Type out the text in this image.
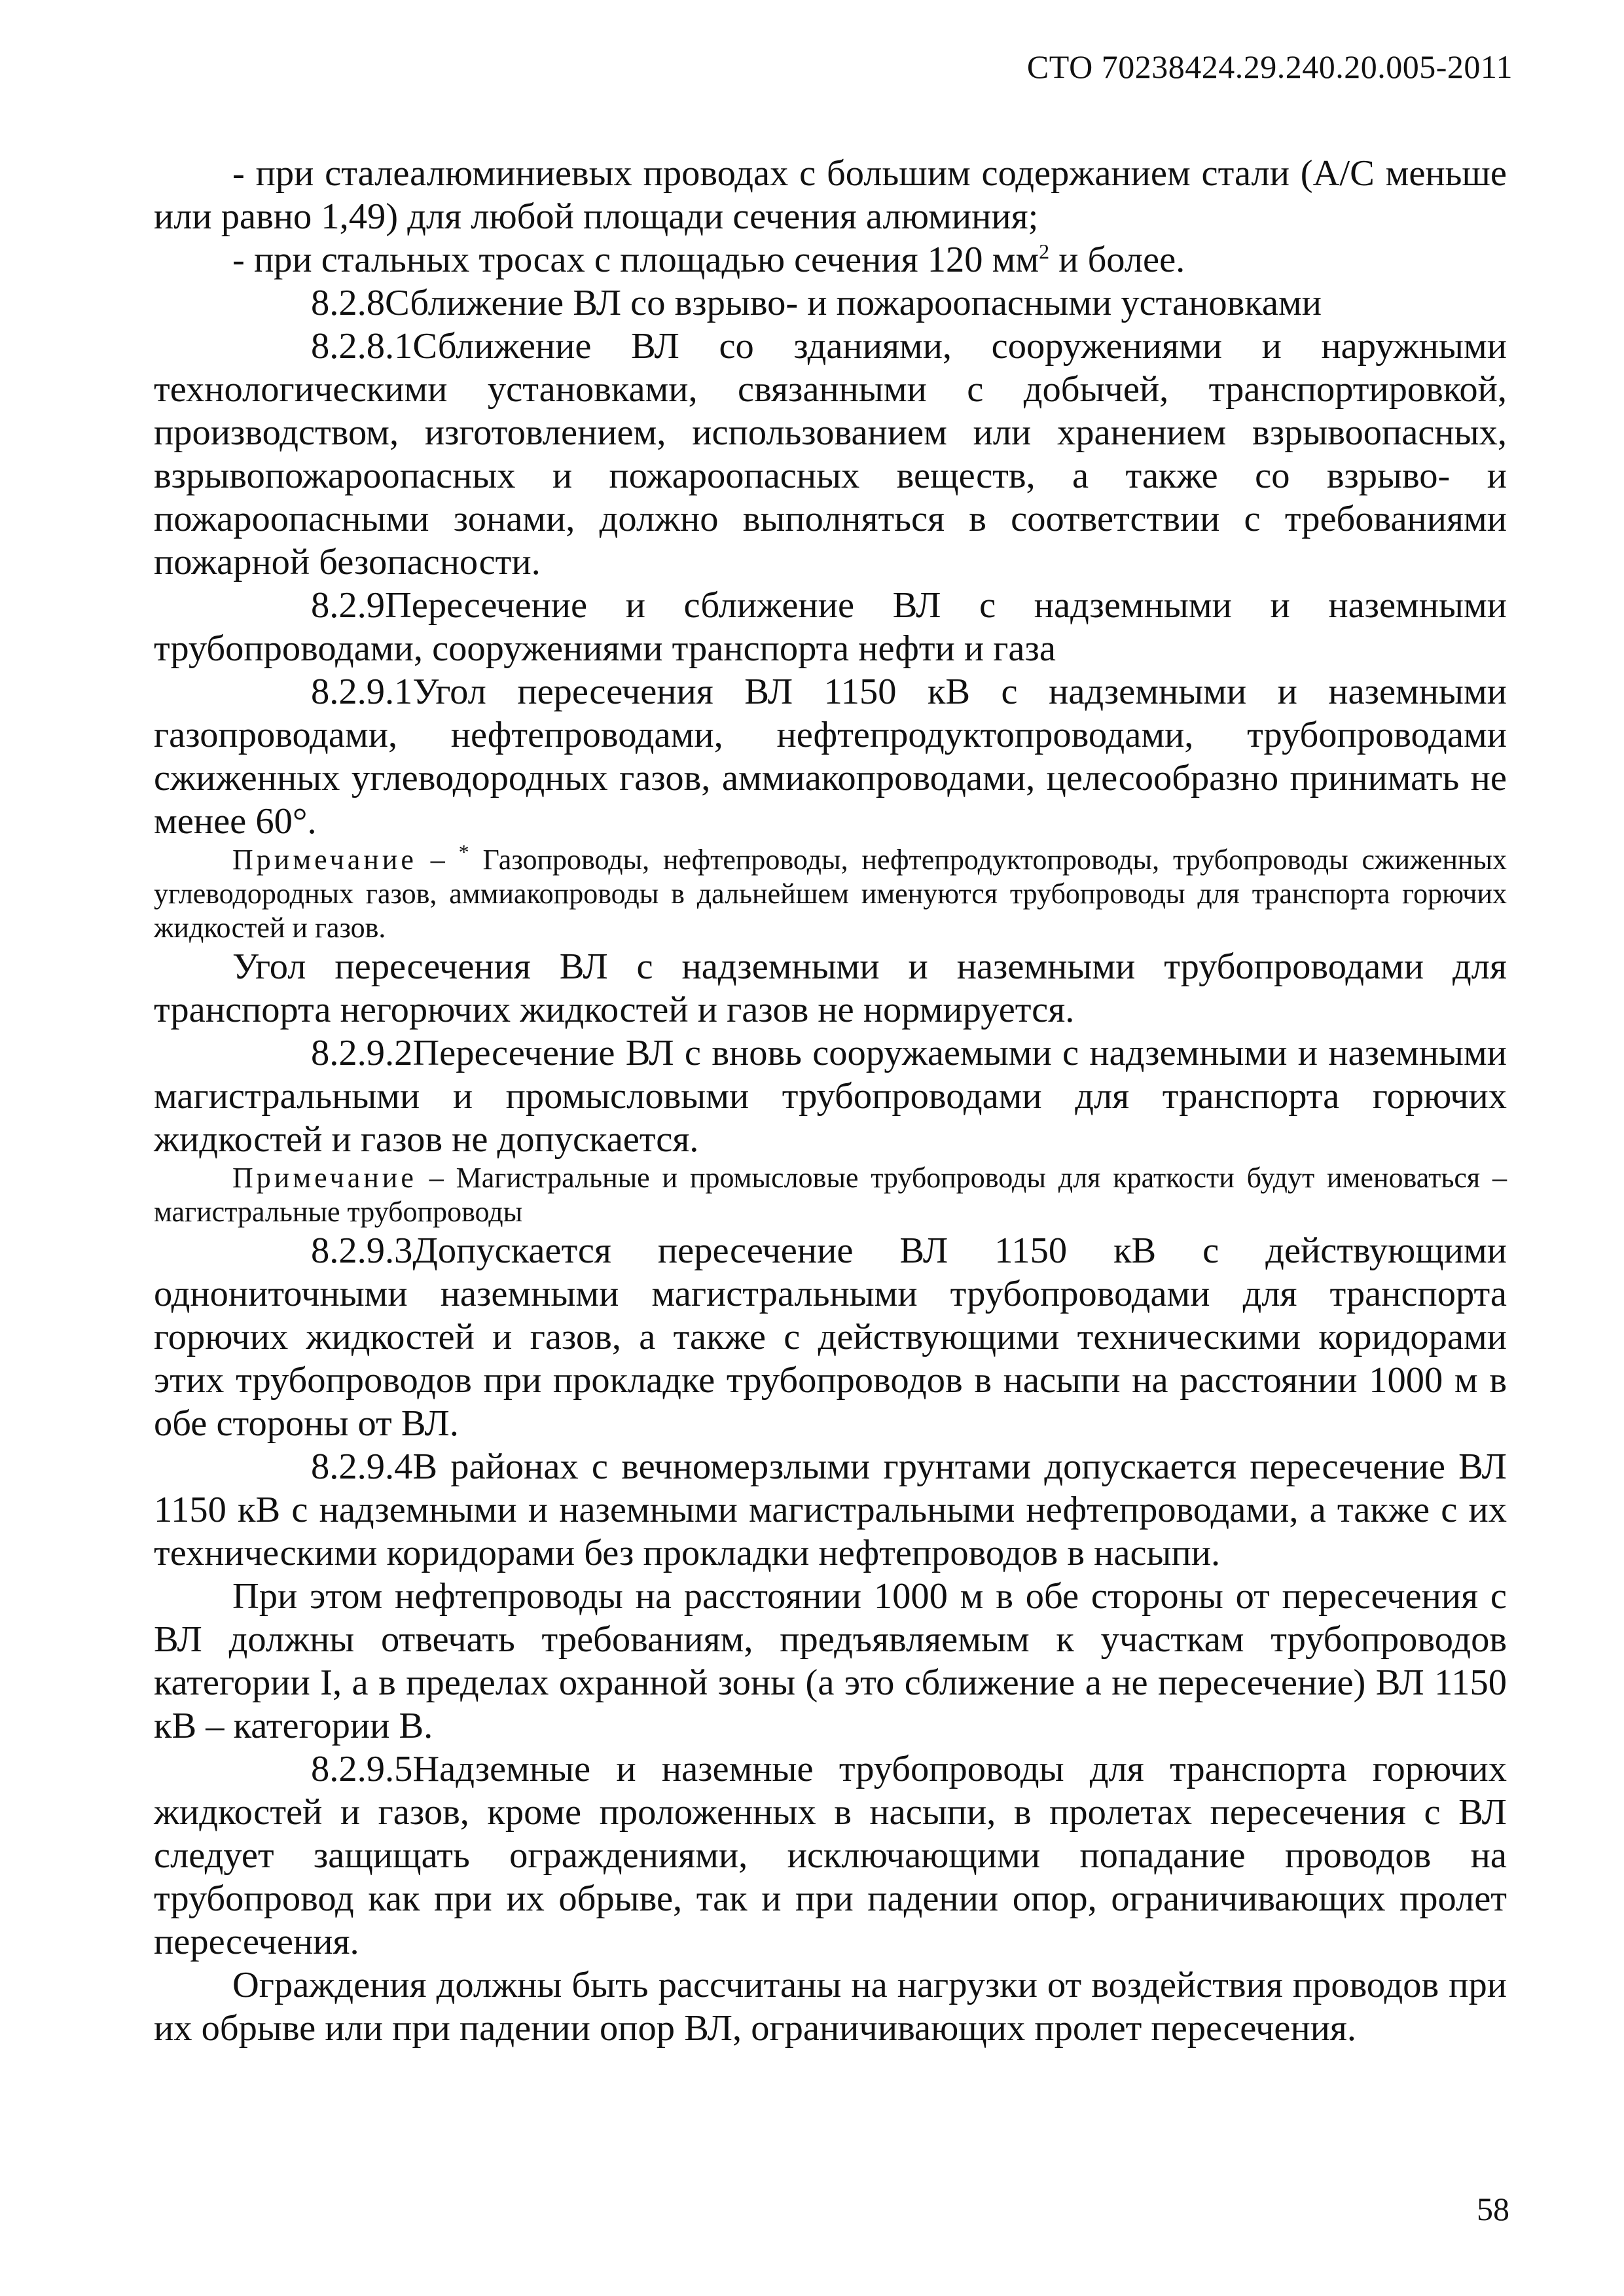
СТО 70238424.29.240.20.005-2011

- при сталеалюминиевых проводах с большим содержанием стали (А/С меньше или равно 1,49) для любой площади сечения алюминия;

- при стальных тросах с площадью сечения 120 $мм^2$ и более.

8.2.8Сближение ВЛ со взрыво- и пожароопасными установками

8.2.8.1Сближение ВЛ со зданиями, сооружениями и наружными технологическими установками, связанными с добычей, транспортировкой, производством, изготовлением, использованием или хранением взрывоопасных, взрывопожароопасных и пожароопасных веществ, а также со взрыво- и пожароопасными зонами, должно выполняться в соответствии с требованиями пожарной безопасности.

8.2.9Пересечение и сближение ВЛ с надземными и наземными трубопроводами, сооружениями транспорта нефти и газа

8.2.9.1Угол пересечения ВЛ 1150 кВ с надземными и наземными газопроводами, нефтепроводами, нефтепродуктопроводами, трубопроводами сжиженных углеводородных газов, аммиакопроводами, целесообразно принимать не менее 60°.

Примечание – * Газопроводы, нефтепроводы, нефтепродуктопроводы, трубопроводы сжиженных углеводородных газов, аммиакопроводы в дальнейшем именуются трубопроводы для транспорта горючих жидкостей и газов.

Угол пересечения ВЛ с надземными и наземными трубопроводами для транспорта негорючих жидкостей и газов не нормируется.

8.2.9.2Пересечение ВЛ с вновь сооружаемыми с надземными и наземными магистральными и промысловыми трубопроводами для транспорта горючих жидкостей и газов не допускается.

Примечание – Магистральные и промысловые трубопроводы для краткости будут именоваться – магистральные трубопроводы

8.2.9.3Допускается пересечение ВЛ 1150 кВ с действующими однониточными наземными магистральными трубопроводами для транспорта горючих жидкостей и газов, а также с действующими техническими коридорами этих трубопроводов при прокладке трубопроводов в насыпи на расстоянии 1000 м в обе стороны от ВЛ.

8.2.9.4В районах с вечномерзлыми грунтами допускается пересечение ВЛ 1150 кВ с надземными и наземными магистральными нефтепроводами, а также с их техническими коридорами без прокладки нефтепроводов в насыпи.

При этом нефтепроводы на расстоянии 1000 м в обе стороны от пересечения с ВЛ должны отвечать требованиям, предъявляемым к участкам трубопроводов категории I, а в пределах охранной зоны (а это сближение а не пересечение) ВЛ 1150 кВ – категории В.

8.2.9.5Надземные и наземные трубопроводы для транспорта горючих жидкостей и газов, кроме проложенных в насыпи, в пролетах пересечения с ВЛ следует защищать ограждениями, исключающими попадание проводов на трубопровод как при их обрыве, так и при падении опор, ограничивающих пролет пересечения.

Ограждения должны быть рассчитаны на нагрузки от воздействия проводов при их обрыве или при падении опор ВЛ, ограничивающих пролет пересечения.

58
